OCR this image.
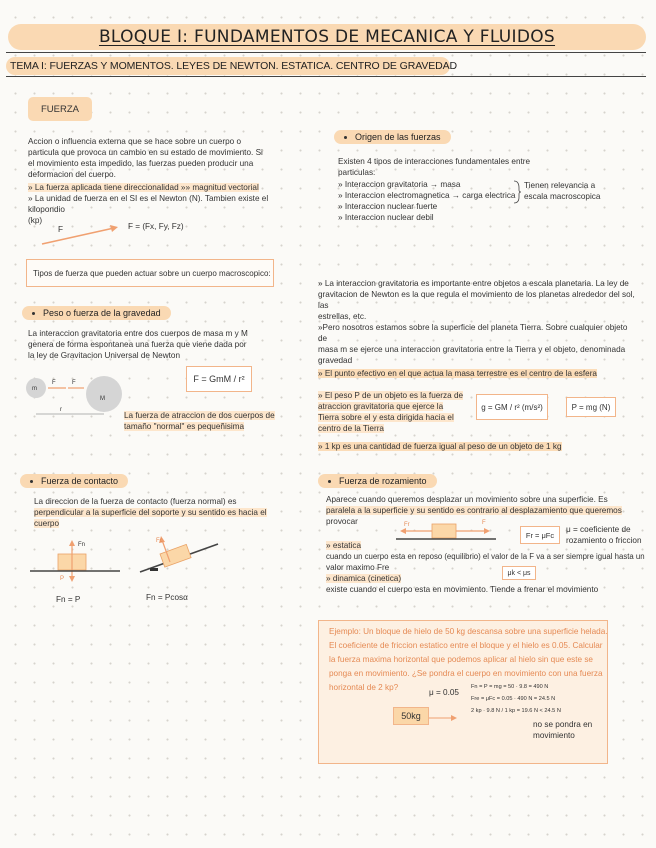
BLOQUE I: FUNDAMENTOS DE MECANICA Y FLUIDOS
TEMA I: FUERZAS Y MOMENTOS. LEYES DE NEWTON. ESTATICA. CENTRO DE GRAVEDAD
FUERZA
Accion o influencia externa que se hace sobre un cuerpo o
particula que provoca un cambio en su estado de movimiento. Si
el movimiento esta impedido, las fuerzas pueden producir una
deformacion del cuerpo.
» La fuerza aplicada tiene direccionalidad »» magnitud vectorial
» La unidad de fuerza en el SI es el Newton (N). Tambien existe el kilopondio
(kp)
F	F = (Fx, Fy, Fz)
Tipos de fuerza que pueden actuar sobre un cuerpo macroscopico:
Peso o fuerza de la gravedad
La interaccion gravitatoria entre dos cuerpos de masa m y M
genera de forma espontanea una fuerza que viene dada por
la ley de Gravitacion Universal de Newton
m
M
F	F
r
F = GmM / r²
La fuerza de atraccion de dos cuerpos de
tamaño "normal" es pequeñisima
Origen de las fuerzas
Existen 4 tipos de interacciones fundamentales entre
particulas:
» Interaccion gravitatoria → masa
» Interaccion electromagnetica → carga electrica
» Interaccion nuclear fuerte
» Interaccion nuclear debil
Tienen relevancia a
escala macroscopica
» La interaccion gravitatoria es importante entre objetos a escala planetaria. La ley de
gravitacion de Newton es la que regula el movimiento de los planetas alrededor del sol, las
estrellas, etc.
»Pero nosotros estamos sobre la superficie del planeta Tierra. Sobre cualquier objeto de
masa m se ejerce una interaccion gravitatoria entre la Tierra y el objeto, denominada
gravedad
» El punto efectivo en el que actua la masa terrestre es el centro de la esfera
» El peso P de un objeto es la fuerza de
atraccion gravitatoria que ejerce la
Tierra sobre el y esta dirigida hacia el
centro de la Tierra
g = GM / r² (m/s²)	P = mg (N)
» 1 kp es una cantidad de fuerza igual al peso de un objeto de 1 kg
Fuerza de contacto
La direccion de la fuerza de contacto (fuerza normal) es
perpendicular a la superficie del soporte y su sentido es hacia el
cuerpo
Fn
P
Fn = P
Fc
Fn = Pcosα
Fuerza de rozamiento
Aparece cuando queremos desplazar un movimiento sobre una superficie. Es
paralela a la superficie y su sentido es contrario al desplazamiento que queremos
provocar	Fr	F
Fr = μFc
μ = coeficiente de
rozamiento o friccion
» estatica
cuando un cuerpo esta en reposo (equilibrio) el valor de la F va a ser siempre igual hasta un
valor maximo Fre
» dinamica (cinetica)
existe cuando el cuerpo esta en movimiento. Tiende a frenar el movimiento
μk < μs
Ejemplo: Un bloque de hielo de 50 kg descansa sobre una superficie helada.
El coeficiente de friccion estatico entre el bloque y el hielo es 0.05. Calcular
la fuerza maxima horizontal que podemos aplicar al hielo sin que este se
ponga en movimiento. ¿Se pondra el cuerpo en movimiento con una fuerza
horizontal de 2 kp?
μ = 0.05
50kg
Fn = P = mg = 50 · 9.8 = 490 N
Fre = μFc = 0.05 · 490 N = 24.5 N
2 kp · 9.8 N / 1 kp = 19.6 N < 24.5 N
no se pondra en
movimiento
